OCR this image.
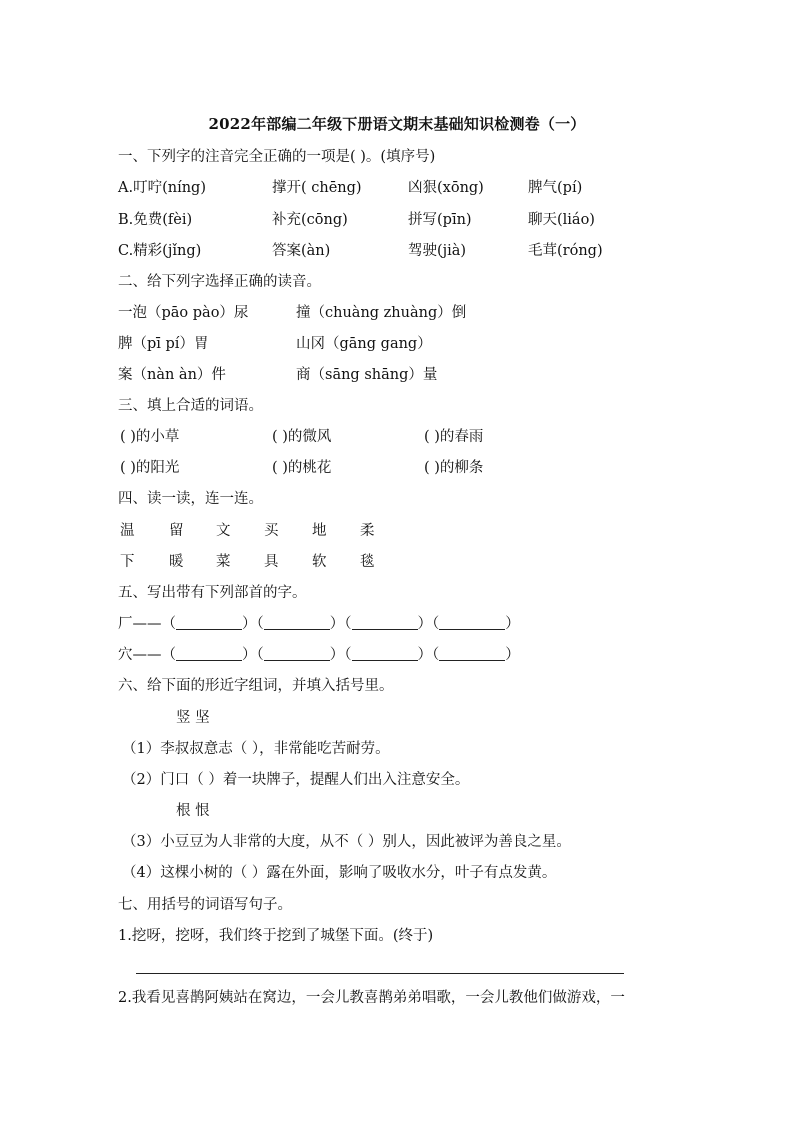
2022年部编二年级下册语文期末基础知识检测卷（一）
一、下列字的注音完全正确的一项是( )。(填序号)
A.叮咛(níng)	撑开( chēng)	凶狠(xōng)	脾气(pí)
B.免费(fèi)	补充(cōng)	拼写(pīn)	聊天(liáo)
C.精彩(jǐng)	答案(àn)	驾驶(jià)	毛茸(róng)
二、给下列字选择正确的读音。
一泡（pāo pào）尿	撞（chuàng zhuàng）倒
脾（pī pí）胃	山冈（gāng gang）
案（nàn àn）件	商（sāng shāng）量
三、填上合适的词语。
( )的小草	( )的微风	( )的春雨
( )的阳光	( )的桃花	( )的柳条
四、读一读，连一连。
温 留 文 买 地 柔
下 暖 菜 具 软 毯
五、写出带有下列部首的字。
厂——（	）（	）（	）（	）
穴——（	）（	）（	）（	）
六、给下面的形近字组词，并填入括号里。
竖 坚
（1）李叔叔意志（ ），非常能吃苦耐劳。
（2）门口（ ）着一块牌子，提醒人们出入注意安全。
根 恨
（3）小豆豆为人非常的大度，从不（ ）别人，因此被评为善良之星。
（4）这棵小树的（ ）露在外面，影响了吸收水分，叶子有点发黄。
七、用括号的词语写句子。
1.挖呀，挖呀，我们终于挖到了城堡下面。(终于)
2.我看见喜鹊阿姨站在窝边，一会儿教喜鹊弟弟唱歌，一会儿教他们做游戏，一
